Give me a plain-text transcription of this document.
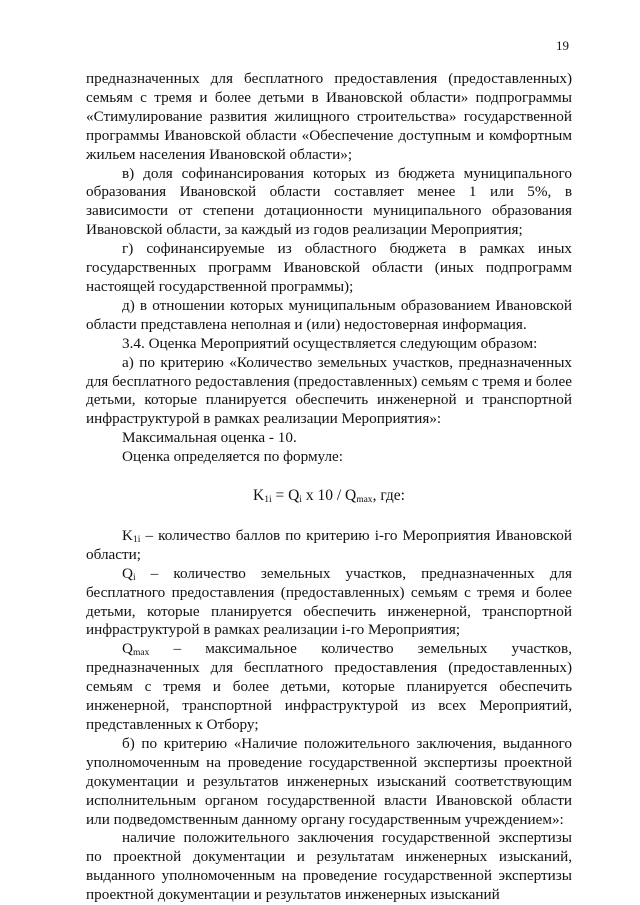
19

предназначенных для бесплатного предоставления (предоставленных) семьям с тремя и более детьми в Ивановской области» подпрограммы «Стимулирование развития жилищного строительства» государственной программы Ивановской области «Обеспечение доступным и комфортным жильем населения Ивановской области»;

в) доля софинансирования которых из бюджета муниципального образования Ивановской области составляет менее 1 или 5%, в зависимости от степени дотационности муниципального образования Ивановской области, за каждый из годов реализации Мероприятия;

г) софинансируемые из областного бюджета в рамках иных государственных программ Ивановской области (иных подпрограмм настоящей государственной программы);

д) в отношении которых муниципальным образованием Ивановской области представлена неполная и (или) недостоверная информация.

3.4. Оценка Мероприятий осуществляется следующим образом:

а) по критерию «Количество земельных участков, предназначенных для бесплатного редоставления (предоставленных) семьям с тремя и более детьми, которые планируется обеспечить инженерной и транспортной инфраструктурой в рамках реализации Мероприятия»:

Максимальная оценка - 10.

Оценка определяется по формуле:

$K_{1i} = Q_i$ x $10 / Q_{max}$, где:

$K_{1i}$ – количество баллов по критерию i-го Мероприятия Ивановской области;

$Q_i$ – количество земельных участков, предназначенных для бесплатного предоставления (предоставленных) семьям с тремя и более детьми, которые планируется обеспечить инженерной, транспортной инфраструктурой в рамках реализации i-го Мероприятия;

$Q_{max}$ – максимальное количество земельных участков, предназначенных для бесплатного предоставления (предоставленных) семьям с тремя и более детьми, которые планируется обеспечить инженерной, транспортной инфраструктурой из всех Мероприятий, представленных к Отбору;

б) по критерию «Наличие положительного заключения, выданного уполномоченным на проведение государственной экспертизы проектной документации и результатов инженерных изысканий соответствующим исполнительным органом государственной власти Ивановской области или подведомственным данному органу государственным учреждением»:

наличие положительного заключения государственной экспертизы по проектной документации и результатам инженерных изысканий, выданного уполномоченным на проведение государственной экспертизы проектной документации и результатов инженерных изысканий
